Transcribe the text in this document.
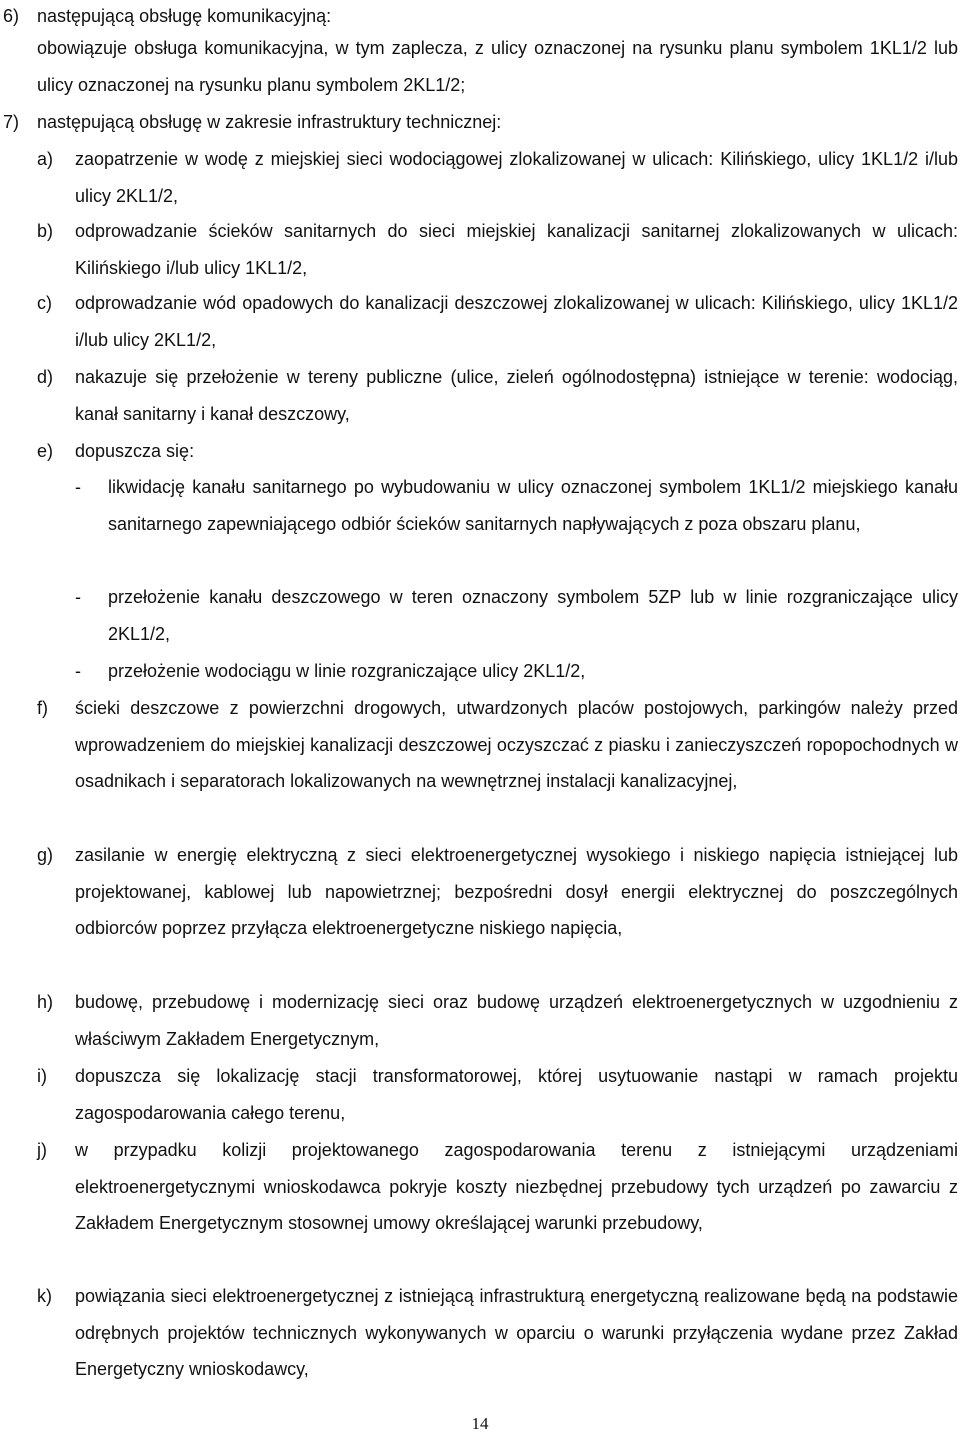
6) następującą obsługę komunikacyjną:
obowiązuje obsługa komunikacyjna, w tym zaplecza, z ulicy oznaczonej na rysunku planu symbolem 1KL1/2 lub ulicy oznaczonej na rysunku planu symbolem 2KL1/2;
7) następującą obsługę w zakresie infrastruktury technicznej:
a) zaopatrzenie w wodę z miejskiej sieci wodociągowej zlokalizowanej w ulicach: Kilińskiego, ulicy 1KL1/2 i/lub ulicy 2KL1/2,
b) odprowadzanie ścieków sanitarnych do sieci miejskiej kanalizacji sanitarnej zlokalizowanych w ulicach: Kilińskiego i/lub ulicy 1KL1/2,
c) odprowadzanie wód opadowych do kanalizacji deszczowej zlokalizowanej w ulicach: Kilińskiego, ulicy 1KL1/2 i/lub ulicy 2KL1/2,
d) nakazuje się przełożenie w tereny publiczne (ulice, zieleń ogólnodostępna) istniejące w terenie: wodociąg, kanał sanitarny i kanał deszczowy,
e) dopuszcza się:
- likwidację kanału sanitarnego po wybudowaniu w ulicy oznaczonej symbolem 1KL1/2 miejskiego kanału sanitarnego zapewniającego odbiór ścieków sanitarnych napływających z poza obszaru planu,
- przełożenie kanału deszczowego w teren oznaczony symbolem 5ZP lub w linie rozgraniczające ulicy 2KL1/2,
- przełożenie wodociągu w linie rozgraniczające ulicy 2KL1/2,
f) ścieki deszczowe z powierzchni drogowych, utwardzonych placów postojowych, parkingów należy przed wprowadzeniem do miejskiej kanalizacji deszczowej oczyszczać z piasku i zanieczyszczeń ropopochodnych w osadnikach i separatorach lokalizowanych na wewnętrznej instalacji kanalizacyjnej,
g) zasilanie w energię elektryczną z sieci elektroenergetycznej wysokiego i niskiego napięcia istniejącej lub projektowanej, kablowej lub napowietrznej; bezpośredni dosył energii elektrycznej do poszczególnych odbiorców poprzez przyłącza elektroenergetyczne niskiego napięcia,
h) budowę, przebudowę i modernizację sieci oraz budowę urządzeń elektroenergetycznych w uzgodnieniu z właściwym Zakładem Energetycznym,
i) dopuszcza się lokalizację stacji transformatorowej, której usytuowanie nastąpi w ramach projektu zagospodarowania całego terenu,
j) w przypadku kolizji projektowanego zagospodarowania terenu z istniejącymi urządzeniami elektroenergetycznymi wnioskodawca pokryje koszty niezbędnej przebudowy tych urządzeń po zawarciu z Zakładem Energetycznym stosownej umowy określającej warunki przebudowy,
k) powiązania sieci elektroenergetycznej z istniejącą infrastrukturą energetyczną realizowane będą na podstawie odrębnych projektów technicznych wykonywanych w oparciu o warunki przyłączenia wydane przez Zakład Energetyczny wnioskodawcy,
14
